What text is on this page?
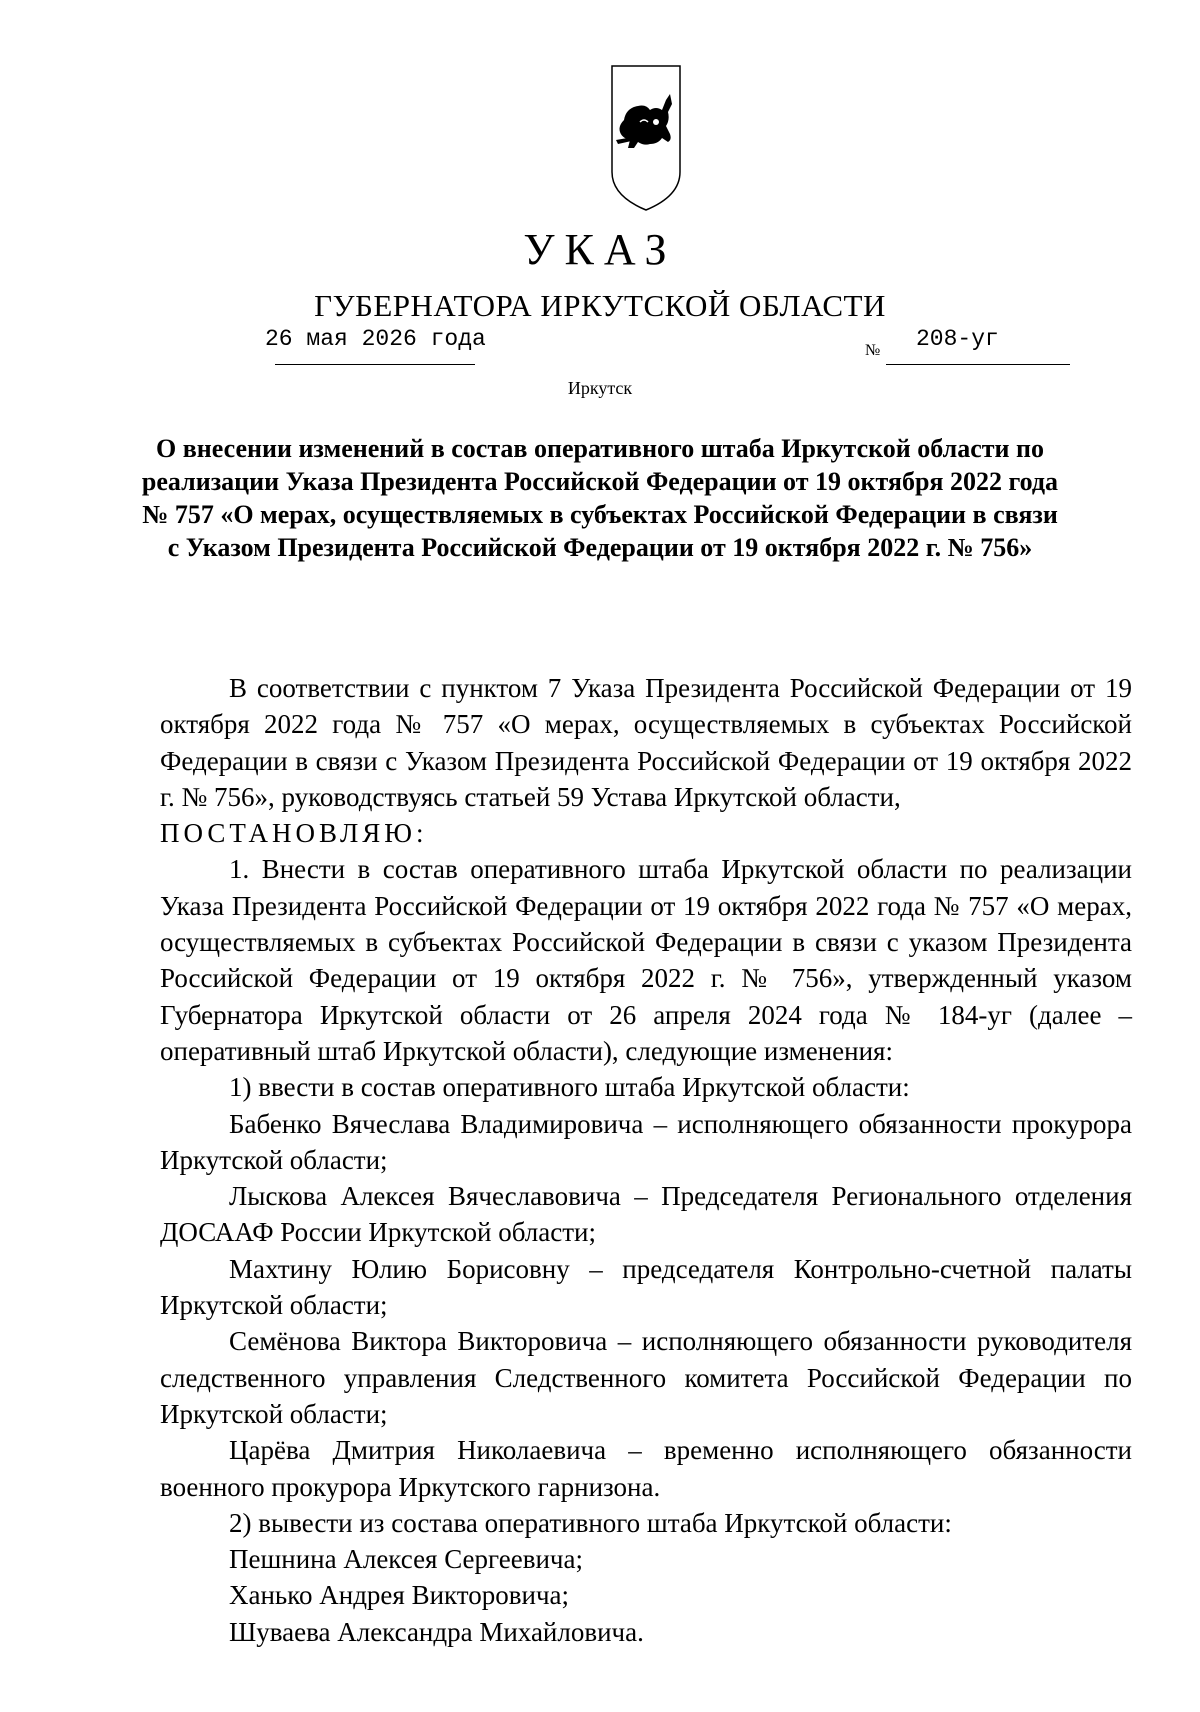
УКАЗ
ГУБЕРНАТОРА ИРКУТСКОЙ ОБЛАСТИ
26 мая 2026 года	№ 208-уг
Иркутск
О внесении изменений в состав оперативного штаба Иркутской области по реализации Указа Президента Российской Федерации от 19 октября 2022 года № 757 «О мерах, осуществляемых в субъектах Российской Федерации в связи с Указом Президента Российской Федерации от 19 октября 2022 г. № 756»

В соответствии с пунктом 7 Указа Президента Российской Федерации от 19 октября 2022 года № 757 «О мерах, осуществляемых в субъектах Российской Федерации в связи с Указом Президента Российской Федерации от 19 октября 2022 г. № 756», руководствуясь статьей 59 Устава Иркутской области,

ПОСТАНОВЛЯЮ:

1. Внести в состав оперативного штаба Иркутской области по реализации Указа Президента Российской Федерации от 19 октября 2022 года № 757 «О мерах, осуществляемых в субъектах Российской Федерации в связи с указом Президента Российской Федерации от 19 октября 2022 г. № 756», утвержденный указом Губернатора Иркутской области от 26 апреля 2024 года № 184-уг (далее – оперативный штаб Иркутской области), следующие изменения:

1) ввести в состав оперативного штаба Иркутской области:

Бабенко Вячеслава Владимировича – исполняющего обязанности прокурора Иркутской области;

Лыскова Алексея Вячеславовича – Председателя Регионального отделения ДОСААФ России Иркутской области;

Махтину Юлию Борисовну – председателя Контрольно-счетной палаты Иркутской области;

Семёнова Виктора Викторовича – исполняющего обязанности руководителя следственного управления Следственного комитета Российской Федерации по Иркутской области;

Царёва Дмитрия Николаевича – временно исполняющего обязанности военного прокурора Иркутского гарнизона.

2) вывести из состава оперативного штаба Иркутской области:

Пешнина Алексея Сергеевича;

Ханько Андрея Викторовича;

Шуваева Александра Михайловича.
